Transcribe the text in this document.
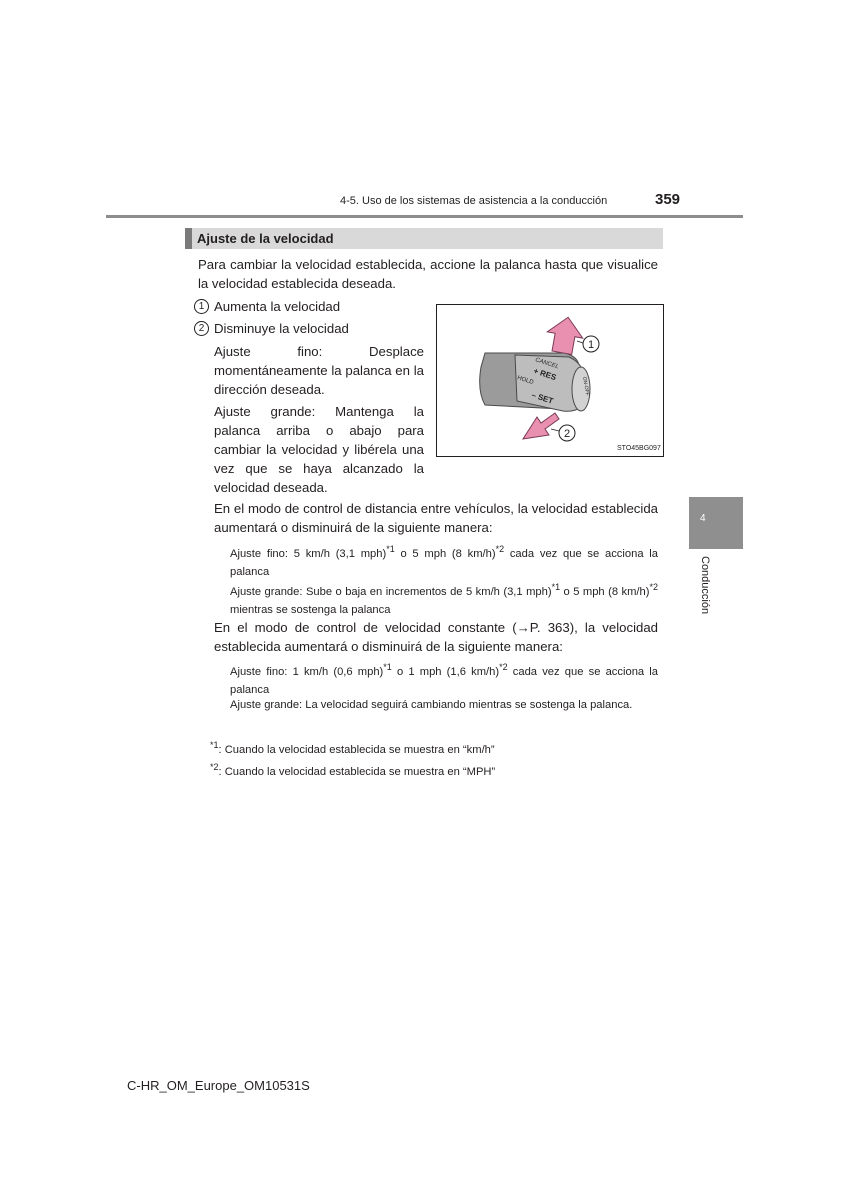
4-5. Uso de los sistemas de asistencia a la conducción	359
Ajuste de la velocidad
Para cambiar la velocidad establecida, accione la palanca hasta que visualice la velocidad establecida deseada.
1 Aumenta la velocidad
2 Disminuye la velocidad
Ajuste fino: Desplace momentáneamente la palanca en la dirección deseada.
Ajuste grande: Mantenga la palanca arriba o abajo para cambiar la velocidad y libérela una vez que se haya alcanzado la velocidad deseada.
CANCEL
+ RES
HOLD
– SET
ON-OFF
1
2
STO45BG097
En el modo de control de distancia entre vehículos, la velocidad establecida aumentará o disminuirá de la siguiente manera:
Ajuste fino: 5 km/h (3,1 mph)$^{*1}$ o 5 mph (8 km/h)$^{*2}$ cada vez que se acciona la palanca
Ajuste grande: Sube o baja en incrementos de 5 km/h (3,1 mph)$^{*1}$ o 5 mph (8 km/h)$^{*2}$ mientras se sostenga la palanca
En el modo de control de velocidad constante (→P. 363), la velocidad establecida aumentará o disminuirá de la siguiente manera:
Ajuste fino: 1 km/h (0,6 mph)$^{*1}$ o 1 mph (1,6 km/h)$^{*2}$ cada vez que se acciona la palanca
Ajuste grande: La velocidad seguirá cambiando mientras se sostenga la palanca.
$^{*1}$: Cuando la velocidad establecida se muestra en “km/h”
$^{*2}$: Cuando la velocidad establecida se muestra en “MPH”
4
Conducción
C-HR_OM_Europe_OM10531S
